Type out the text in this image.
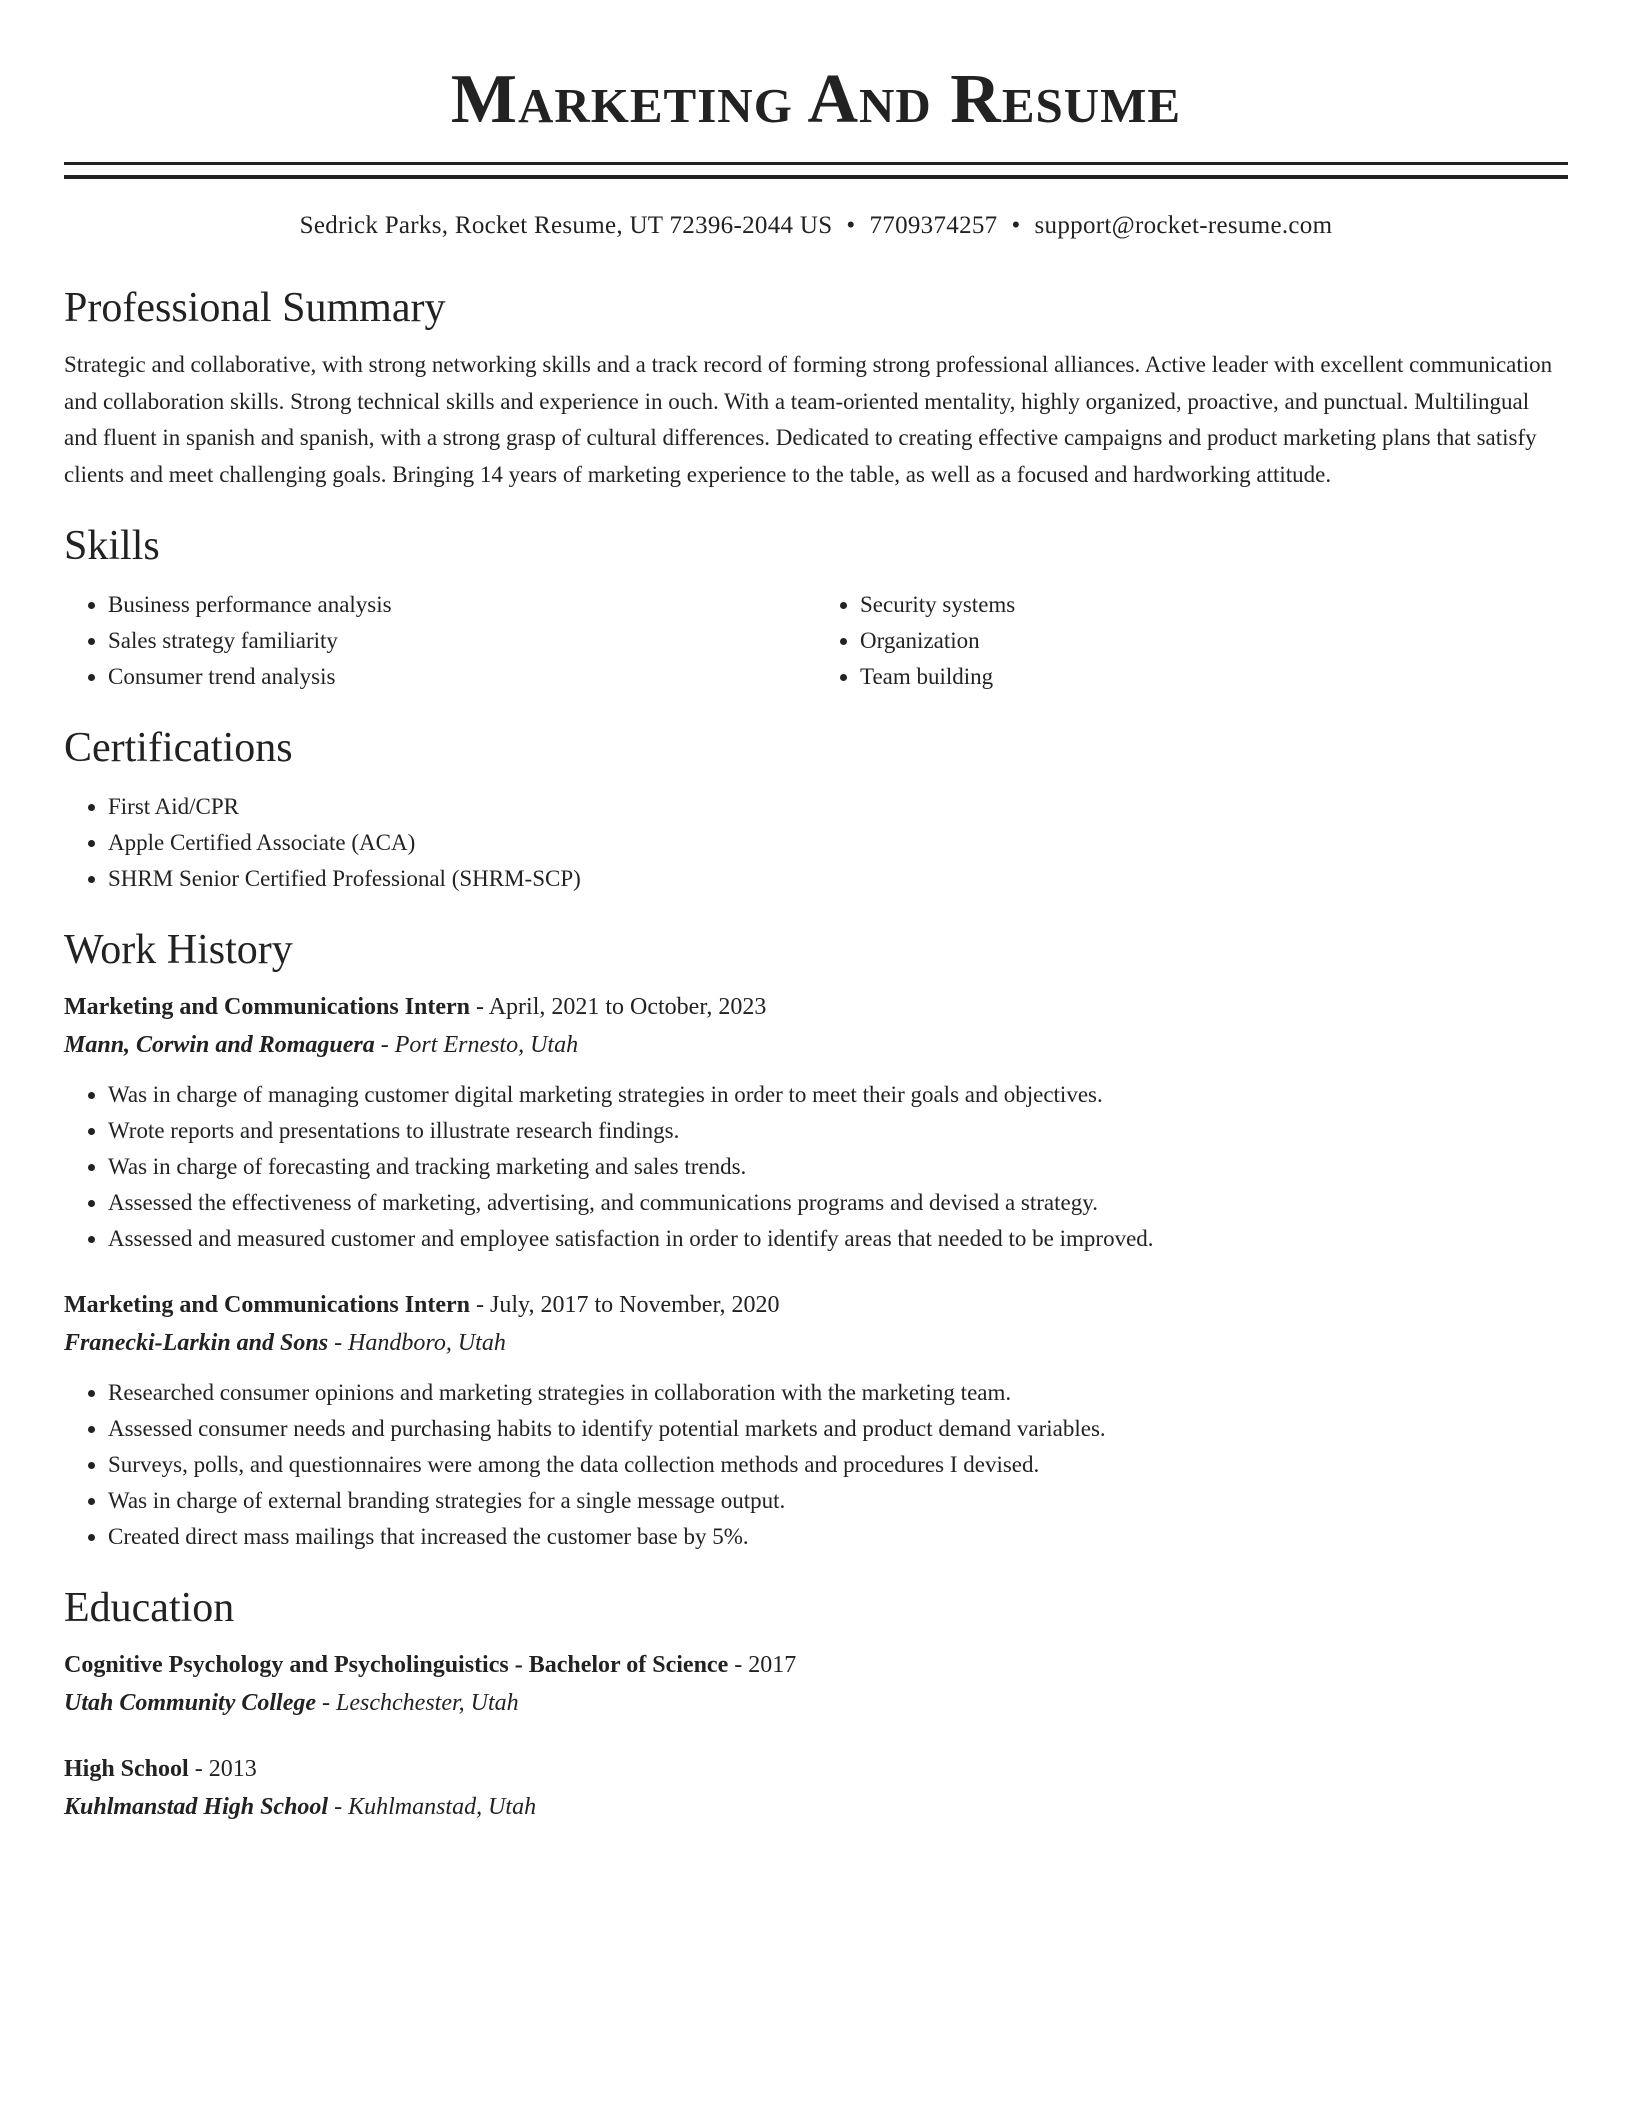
Marketing And Resume
Sedrick Parks, Rocket Resume, UT 72396-2044 US • 7709374257 • support@rocket-resume.com
Professional Summary

Strategic and collaborative, with strong networking skills and a track record of forming strong professional alliances. Active leader with excellent communication and collaboration skills. Strong technical skills and experience in ouch. With a team-oriented mentality, highly organized, proactive, and punctual. Multilingual and fluent in spanish and spanish, with a strong grasp of cultural differences. Dedicated to creating effective campaigns and product marketing plans that satisfy clients and meet challenging goals. Bringing 14 years of marketing experience to the table, as well as a focused and hardworking attitude.

Skills
• Business performance analysis
• Sales strategy familiarity
• Consumer trend analysis
• Security systems
• Organization
• Team building
Certifications
• First Aid/CPR
• Apple Certified Associate (ACA)
• SHRM Senior Certified Professional (SHRM-SCP)
Work History
Marketing and Communications Intern - April, 2021 to October, 2023
Mann, Corwin and Romaguera - Port Ernesto, Utah
• Was in charge of managing customer digital marketing strategies in order to meet their goals and objectives.
• Wrote reports and presentations to illustrate research findings.
• Was in charge of forecasting and tracking marketing and sales trends.
• Assessed the effectiveness of marketing, advertising, and communications programs and devised a strategy.
• Assessed and measured customer and employee satisfaction in order to identify areas that needed to be improved.
Marketing and Communications Intern - July, 2017 to November, 2020
Franecki-Larkin and Sons - Handboro, Utah
• Researched consumer opinions and marketing strategies in collaboration with the marketing team.
• Assessed consumer needs and purchasing habits to identify potential markets and product demand variables.
• Surveys, polls, and questionnaires were among the data collection methods and procedures I devised.
• Was in charge of external branding strategies for a single message output.
• Created direct mass mailings that increased the customer base by 5%.
Education
Cognitive Psychology and Psycholinguistics - Bachelor of Science - 2017
Utah Community College - Leschchester, Utah
High School - 2013
Kuhlmanstad High School - Kuhlmanstad, Utah
